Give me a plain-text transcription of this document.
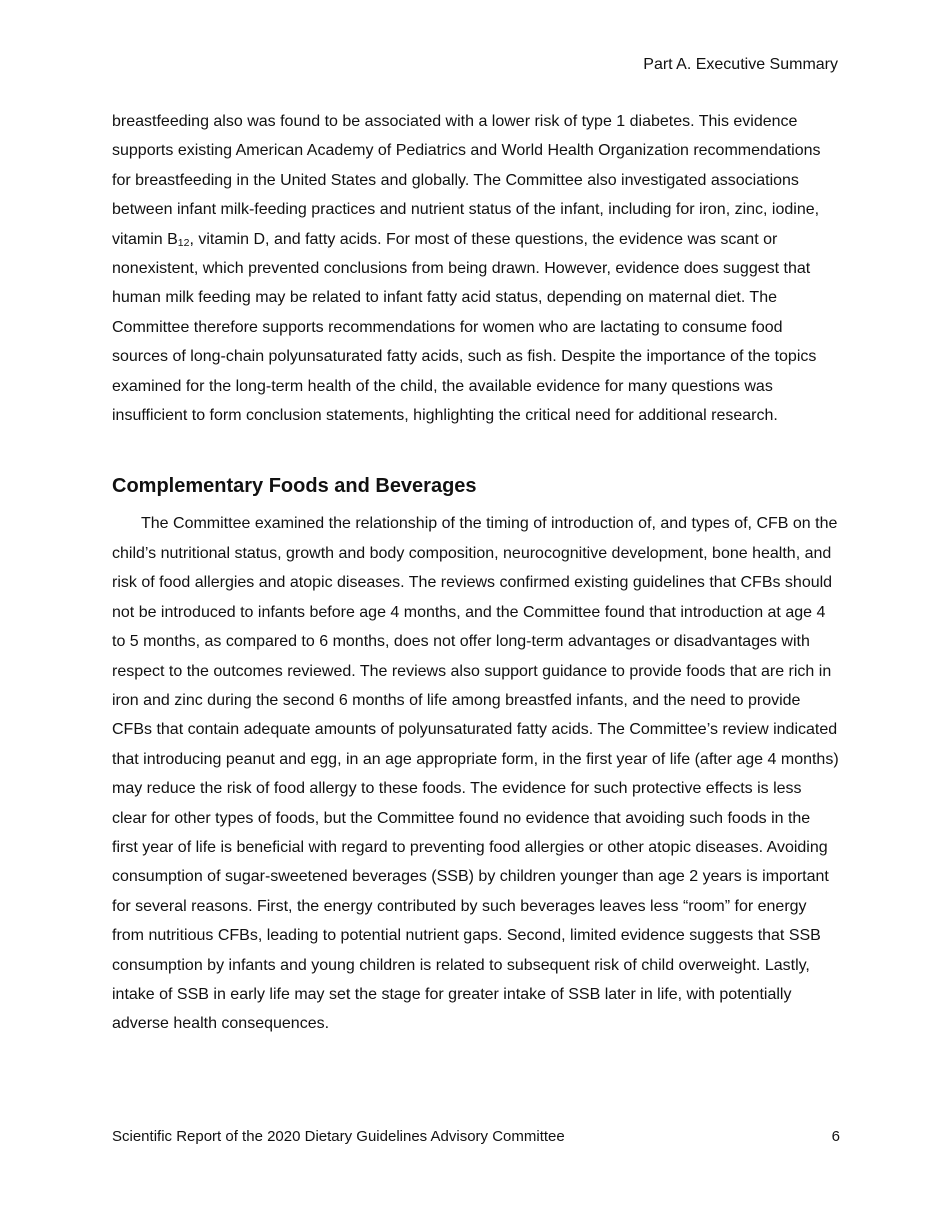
Part A. Executive Summary

breastfeeding also was found to be associated with a lower risk of type 1 diabetes. This evidence supports existing American Academy of Pediatrics and World Health Organization recommendations for breastfeeding in the United States and globally. The Committee also investigated associations between infant milk-feeding practices and nutrient status of the infant, including for iron, zinc, iodine, vitamin $B_{12}$, vitamin D, and fatty acids. For most of these questions, the evidence was scant or nonexistent, which prevented conclusions from being drawn. However, evidence does suggest that human milk feeding may be related to infant fatty acid status, depending on maternal diet. The Committee therefore supports recommendations for women who are lactating to consume food sources of long-chain polyunsaturated fatty acids, such as fish. Despite the importance of the topics examined for the long-term health of the child, the available evidence for many questions was insufficient to form conclusion statements, highlighting the critical need for additional research.

Complementary Foods and Beverages

The Committee examined the relationship of the timing of introduction of, and types of, CFB on the child’s nutritional status, growth and body composition, neurocognitive development, bone health, and risk of food allergies and atopic diseases. The reviews confirmed existing guidelines that CFBs should not be introduced to infants before age 4 months, and the Committee found that introduction at age 4 to 5 months, as compared to 6 months, does not offer long-term advantages or disadvantages with respect to the outcomes reviewed. The reviews also support guidance to provide foods that are rich in iron and zinc during the second 6 months of life among breastfed infants, and the need to provide CFBs that contain adequate amounts of polyunsaturated fatty acids. The Committee’s review indicated that introducing peanut and egg, in an age appropriate form, in the first year of life (after age 4 months) may reduce the risk of food allergy to these foods. The evidence for such protective effects is less clear for other types of foods, but the Committee found no evidence that avoiding such foods in the first year of life is beneficial with regard to preventing food allergies or other atopic diseases. Avoiding consumption of sugar-sweetened beverages (SSB) by children younger than age 2 years is important for several reasons. First, the energy contributed by such beverages leaves less “room” for energy from nutritious CFBs, leading to potential nutrient gaps. Second, limited evidence suggests that SSB consumption by infants and young children is related to subsequent risk of child overweight. Lastly, intake of SSB in early life may set the stage for greater intake of SSB later in life, with potentially adverse health consequences.

Scientific Report of the 2020 Dietary Guidelines Advisory Committee	6
